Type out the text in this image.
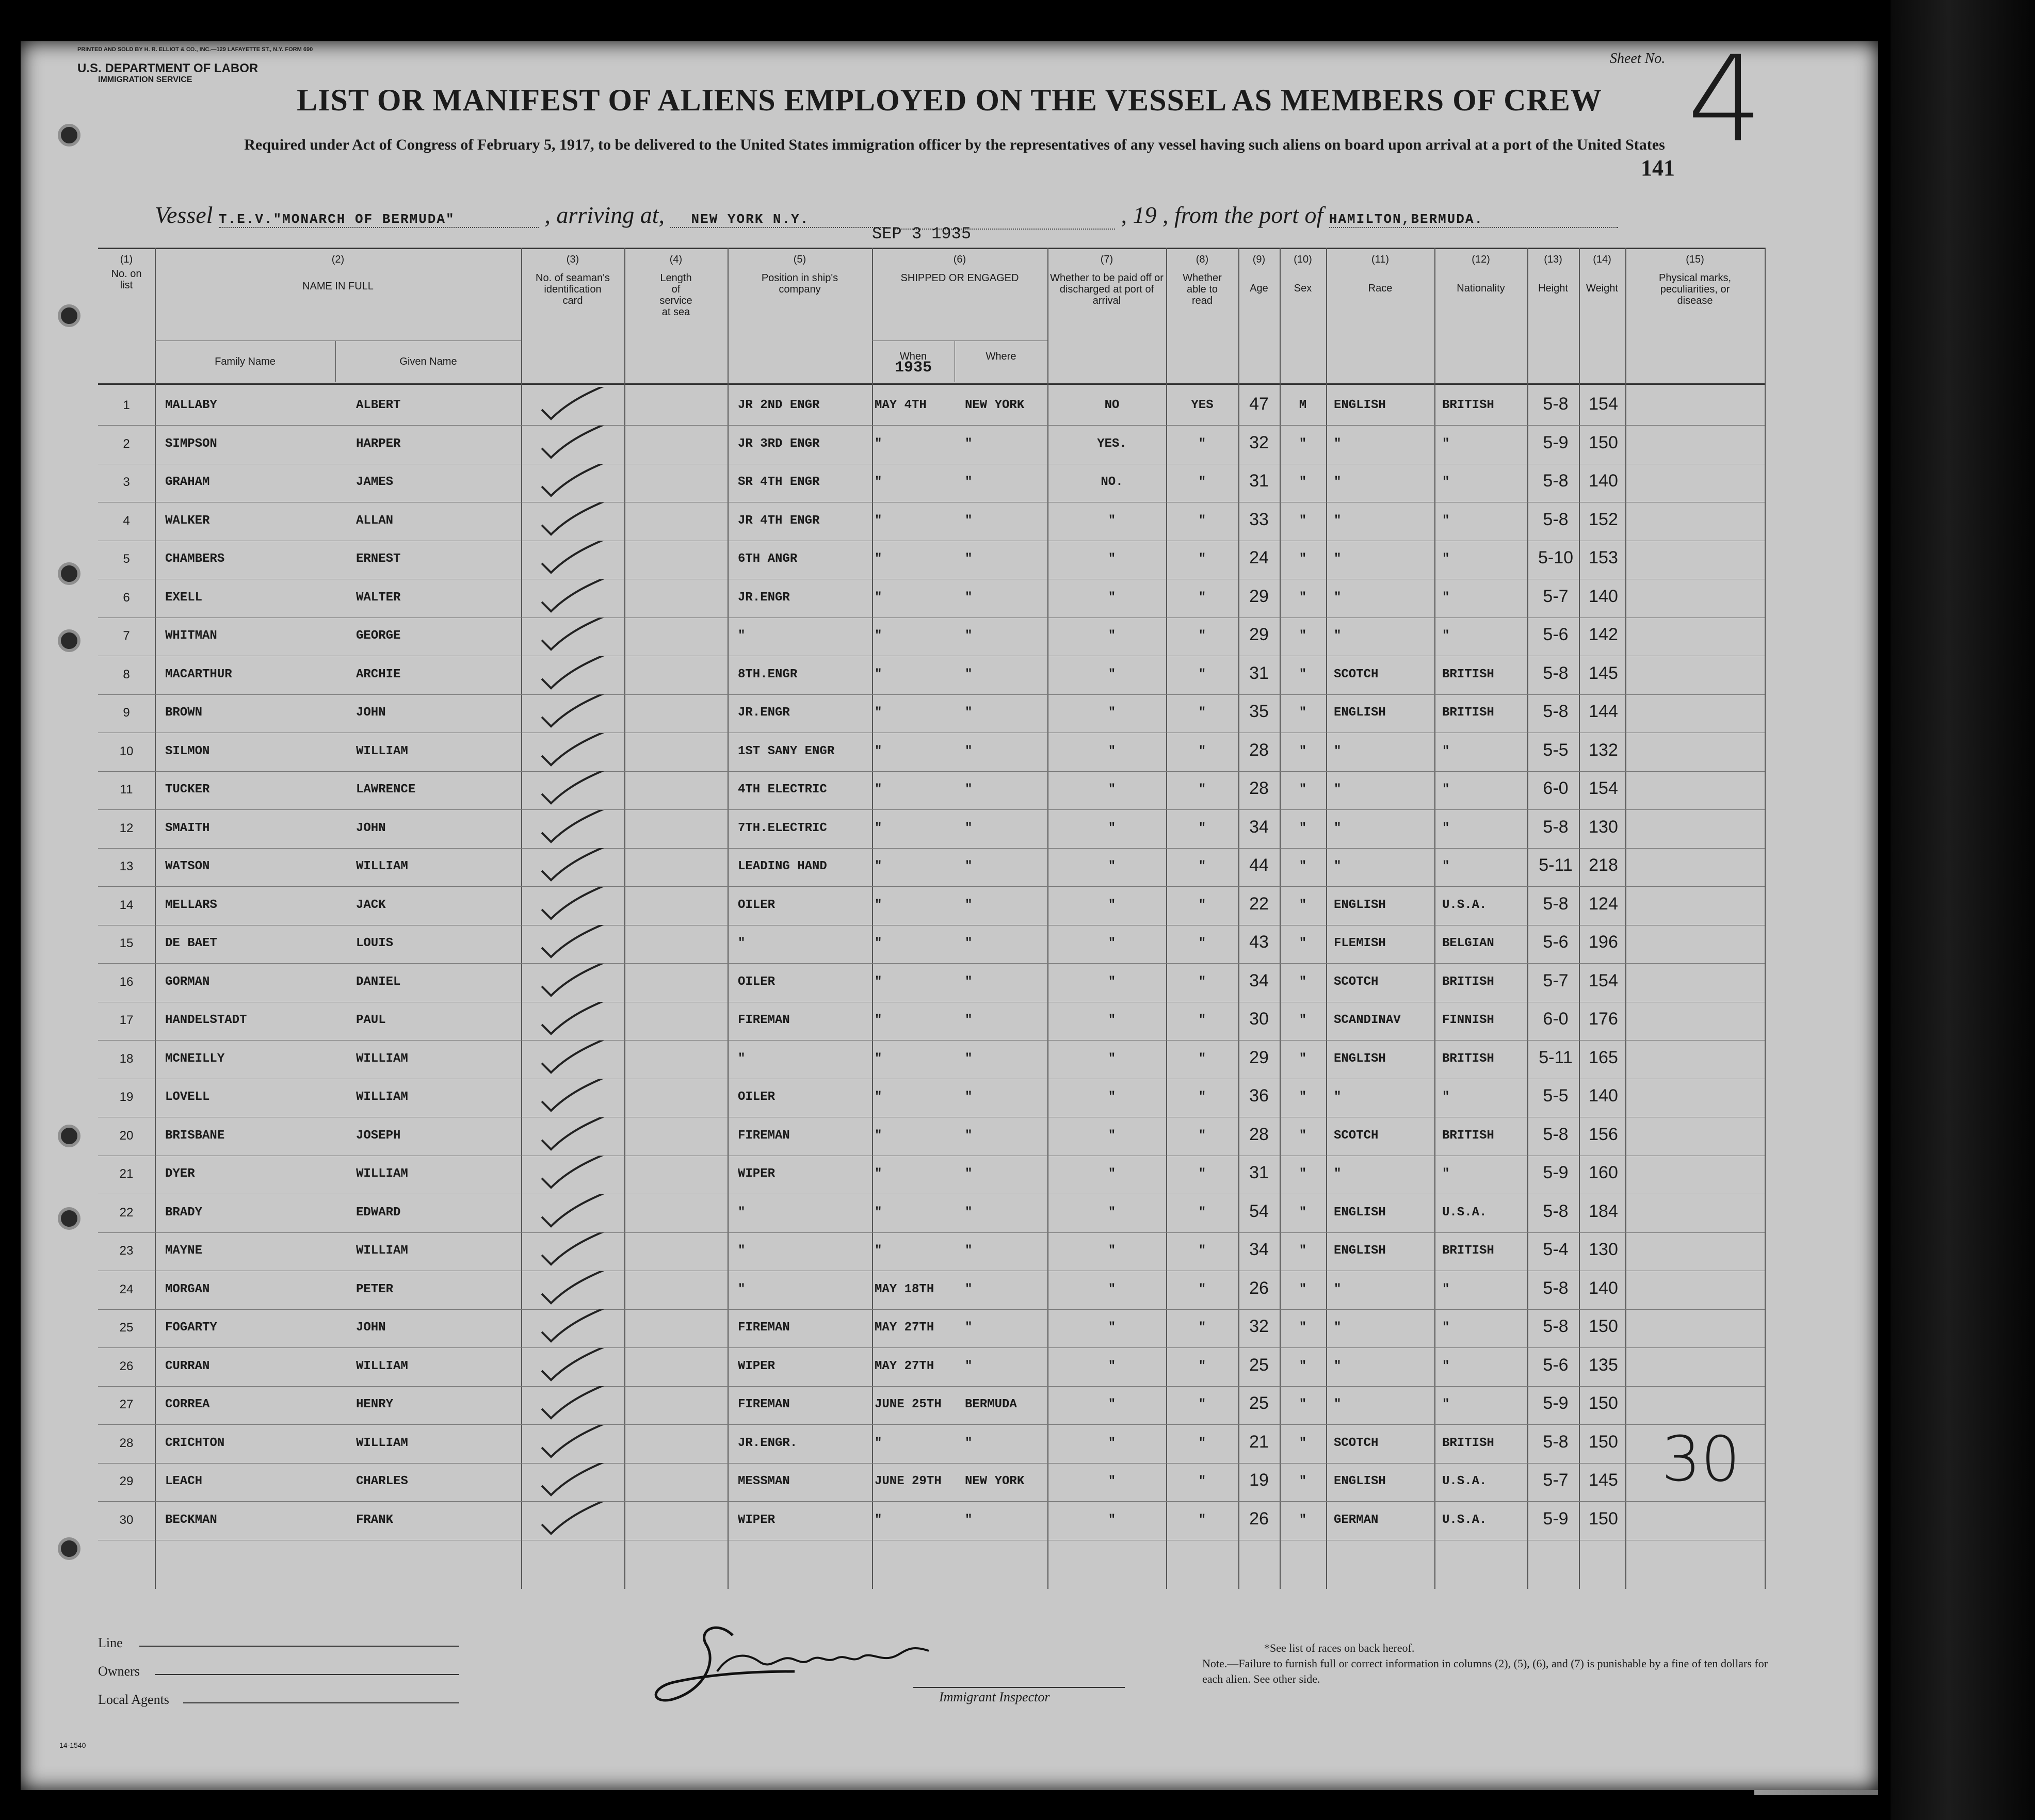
PRINTED AND SOLD BY H. R. ELLIOT & CO., INC.—129 LAFAYETTE ST., N.Y. FORM 690
U.S. DEPARTMENT OF LABOR
IMMIGRATION SERVICE
Sheet No. 4
LIST OR MANIFEST OF ALIENS EMPLOYED ON THE VESSEL AS MEMBERS OF CREW
Required under Act of Congress of February 5, 1917, to be delivered to the United States immigration officer by the representatives of any vessel having such aliens on board upon arrival at a port of the United States
141
Vessel T.E.V."MONARCH OF BERMUDA"	, arriving at, NEW YORK N.Y.	, 19 , from the port of HAMILTON,BERMUDA.
SEP 3 1935
(1)
No. on list
(2)
NAME IN FULL
Family Name	Given Name
(3)
No. of seaman's identification card
(4)
Length of service at sea
(5)
Position in ship's company
(6)
SHIPPED OR ENGAGED
When
1935
Where
(7)
Whether to be paid off or discharged at port of arrival
(8)
Whether able to read
(9)
Age
(10)
Sex
(11)
Race
(12)
Nationality
(13)
Height
(14)
Weight
(15)
Physical marks, peculiarities, or disease
1	MALLABY	ALBERT	JR 2ND ENGR	MAY 4TH	NEW YORK	NO	YES	47	M	ENGLISH	BRITISH	5-8	154
2	SIMPSON	HARPER	JR 3RD ENGR	"	"	YES.	"	32	"	"	"	5-9	150
3	GRAHAM	JAMES	SR 4TH ENGR	"	"	NO.	"	31	"	"	"	5-8	140
4	WALKER	ALLAN	JR 4TH ENGR	"	"	"	"	33	"	"	"	5-8	152
5	CHAMBERS	ERNEST	6TH ANGR	"	"	"	"	24	"	"	"	5-10 153
6	EXELL	WALTER	JR.ENGR	"	"	"	"	29	"	"	"	5-7	140
7	WHITMAN	GEORGE	"	"	"	"	"	29	"	"	"	5-6	142
8	MACARTHUR	ARCHIE	8TH.ENGR	"	"	"	"	31	"	SCOTCH	BRITISH	5-8	145
9	BROWN	JOHN	JR.ENGR	"	"	"	"	35	"	ENGLISH	BRITISH	5-8	144
10	SILMON	WILLIAM	1ST SANY ENGR	"	"	"	"	28	"	"	"	5-5	132
11	TUCKER	LAWRENCE	4TH ELECTRIC	"	"	"	"	28	"	"	"	6-0	154
12	SMAITH	JOHN	7TH.ELECTRIC	"	"	"	"	34	"	"	"	5-8	130
13	WATSON	WILLIAM	LEADING HAND	"	"	"	"	44	"	"	"	5-11 218
14	MELLARS	JACK	OILER	"	"	"	"	22	"	ENGLISH	U.S.A.	5-8	124
15	DE BAET	LOUIS	"	"	"	"	"	43	"	FLEMISH	BELGIAN	5-6	196
16	GORMAN	DANIEL	OILER	"	"	"	"	34	"	SCOTCH	BRITISH	5-7	154
17	HANDELSTADT	PAUL	FIREMAN	"	"	"	"	30	"	SCANDINAV	FINNISH	6-0	176
18	MCNEILLY	WILLIAM	"	"	"	"	"	29	"	ENGLISH	BRITISH	5-11 165
19	LOVELL	WILLIAM	OILER	"	"	"	"	36	"	"	"	5-5	140
20	BRISBANE	JOSEPH	FIREMAN	"	"	"	"	28	"	SCOTCH	BRITISH	5-8	156
21	DYER	WILLIAM	WIPER	"	"	"	"	31	"	"	"	5-9	160
22	BRADY	EDWARD	"	"	"	"	"	54	"	ENGLISH	U.S.A.	5-8	184
23	MAYNE	WILLIAM	"	"	"	"	"	34	"	ENGLISH	BRITISH	5-4	130
24	MORGAN	PETER	"	MAY 18TH	"	"	"	26	"	"	"	5-8	140
25	FOGARTY	JOHN	FIREMAN	MAY 27TH	"	"	"	32	"	"	"	5-8	150
26	CURRAN	WILLIAM	WIPER	MAY 27TH	"	"	"	25	"	"	"	5-6	135
27	CORREA	HENRY	FIREMAN	JUNE 25TH	BERMUDA	"	"	25	"	"	"	5-9	150
28	CRICHTON	WILLIAM	JR.ENGR.	"	"	"	"	21	"	SCOTCH	BRITISH	5-8	150
29	LEACH	CHARLES	MESSMAN	JUNE 29TH	NEW YORK	"	"	19	"	ENGLISH	U.S.A.	5-7	145
30	BECKMAN	FRANK	WIPER	"	"	"	"	26	"	GERMAN	U.S.A.	5-9	150
30
Line
Owners
Local Agents
J Scanno
Immigrant Inspector
*See list of races on back hereof.
Note.—Failure to furnish full or correct information in columns (2), (5), (6), and (7) is punishable by a fine of ten dollars for each alien. See other side.
14-1540
